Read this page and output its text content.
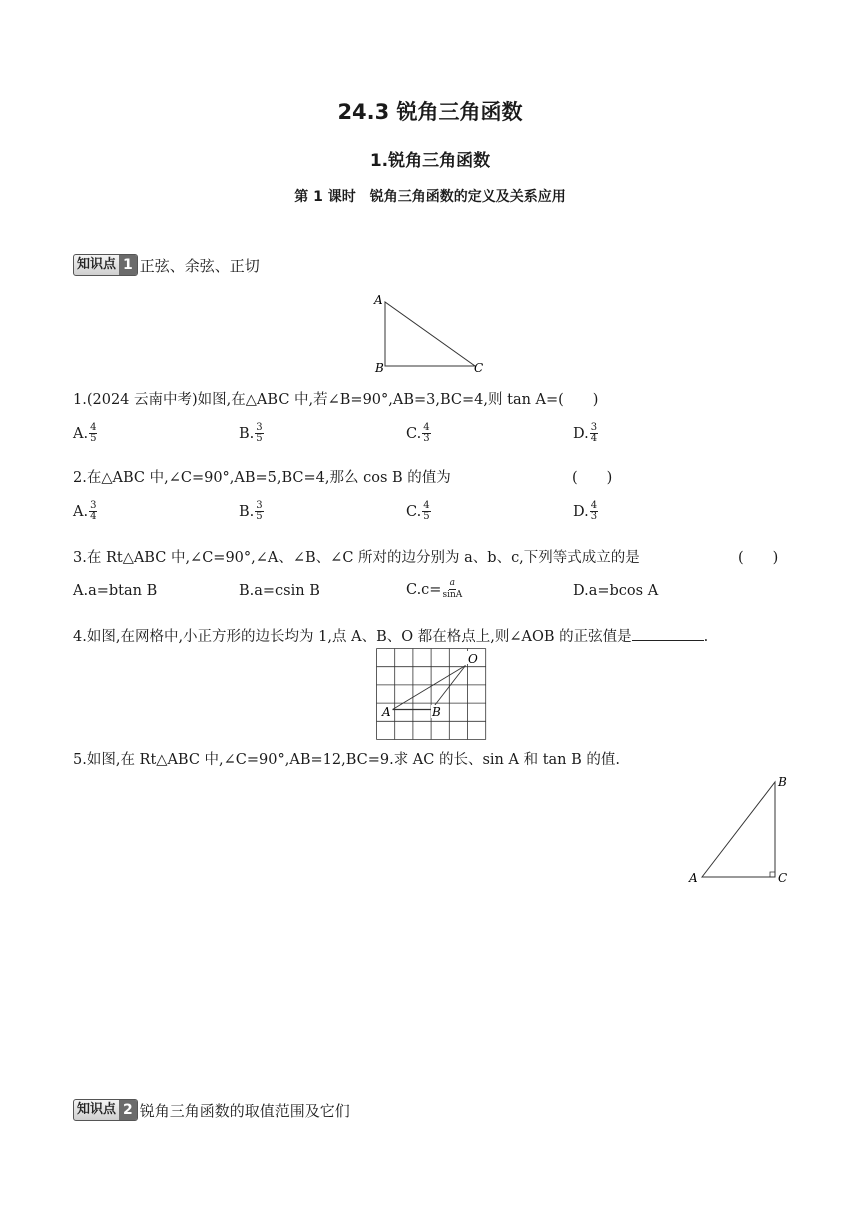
24.3 锐角三角函数
1.锐角三角函数
第 1 课时　锐角三角函数的定义及关系应用
知识点 1 正弦、余弦、正切
A
B	C
1.(2024 云南中考)如图,在△ABC 中,若∠B=90°,AB=3,BC=4,则 tan A=(　　)
A. $\frac{4}{5}$	B. $\frac{3}{5}$	C. $\frac{4}{3}$	D. $\frac{3}{4}$
2.在△ABC 中,∠C=90°,AB=5,BC=4,那么 cos B 的值为	(　　)
A. $\frac{3}{4}$	B. $\frac{3}{5}$	C. $\frac{4}{5}$	D. $\frac{4}{3}$
3.在 Rt△ABC 中,∠C=90°,∠A、∠B、∠C 所对的边分别为 a、b、c,下列等式成立的是	(　　)
A.a=btan B	B.a=csin B	$C.c= \frac{a}{\sin A}$	D.a=bcos A
4.如图,在网格中,小正方形的边长均为 1,点 A、B、O 都在格点上,则∠AOB 的正弦值是	.
O
A	B
5.如图,在 Rt△ABC 中,∠C=90°,AB=12,BC=9.求 AC 的长、sin A 和 tan B 的值.
A
B
C
知识点 2 锐角三角函数的取值范围及它们
